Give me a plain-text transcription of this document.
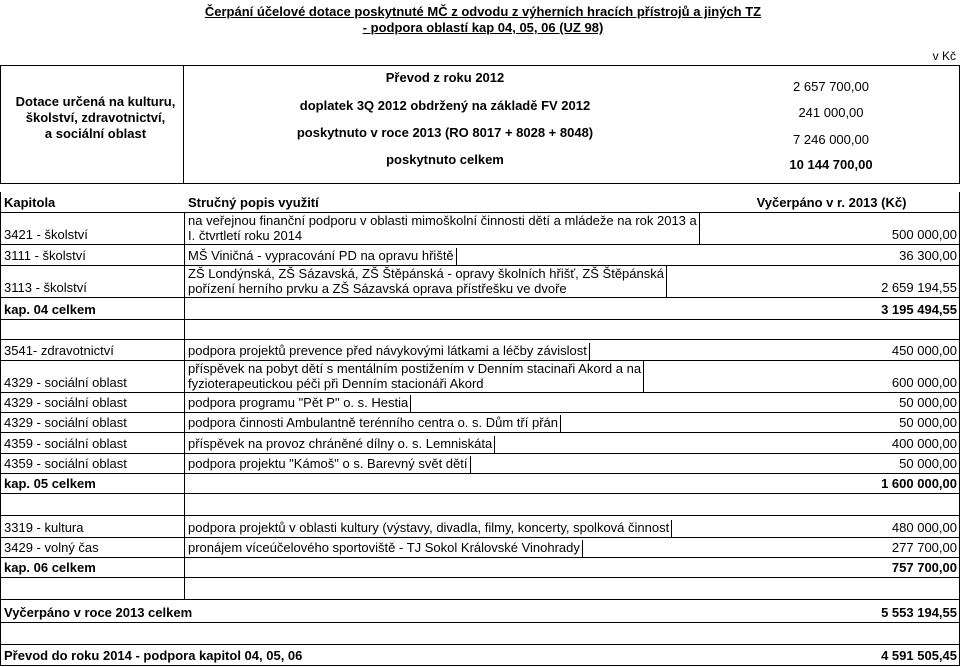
Čerpání účelové dotace poskytnuté MČ z odvodu z výherních hracích přístrojů a jiných TZ
- podpora oblastí kap 04, 05, 06 (UZ 98)
v Kč
Dotace určená na kulturu,
školství, zdravotnictví,
a sociální oblast
Převod z roku 2012
2 657 700,00
doplatek 3Q 2012 obdržený na základě FV 2012	241 000,00
poskytnuto v roce 2013 (RO 8017 + 8028 + 8048)	7 246 000,00
poskytnuto celkem	10 144 700,00
Kapitola	Stručný popis využití	Vyčerpáno v r. 2013 (Kč)
3421 - školství
na veřejnou finanční podporu v oblasti mimoškolní činnosti dětí a mládeže na rok 2013 a
I. čtvrtletí roku 2014	500 000,00
3111 - školství	MŠ Viničná - vypracování PD na opravu hřiště	36 300,00
3113 - školství
ZŠ Londýnská, ZŠ Sázavská, ZŠ Štěpánská - opravy školních hřišť, ZŠ Štěpánská
pořízení herního prvku a ZŠ Sázavská oprava přístřešku ve dvoře	2 659 194,55
kap. 04 celkem	3 195 494,55
3541- zdravotnictví	podpora projektů prevence před návykovými látkami a léčby závislost	450 000,00
4329 - sociální oblast
příspěvek na pobyt dětí s mentálním postižením v Denním stacinaři Akord a na
fyzioterapeutickou péči při Denním stacionáři Akord	600 000,00
4329 - sociální oblast	podpora programu "Pět P" o. s. Hestia	50 000,00
4329 - sociální oblast	podpora činnosti Ambulantně terénního centra o. s. Dům tří přán	50 000,00
4359 - sociální oblast	příspěvek na provoz chráněné dílny o. s. Lemniskáta	400 000,00
4359 - sociální oblast	podpora projektu "Kámoš" o s. Barevný svět dětí	50 000,00
kap. 05 celkem	1 600 000,00
3319 - kultura	podpora projektů v oblasti kultury (výstavy, divadla, filmy, koncerty, spolková činnost	480 000,00
3429 - volný čas	pronájem víceúčelového sportoviště - TJ Sokol Královské Vinohrady	277 700,00
kap. 06 celkem	757 700,00
Vyčerpáno v roce 2013 celkem	5 553 194,55
Převod do roku 2014 - podpora kapitol 04, 05, 06	4 591 505,45
